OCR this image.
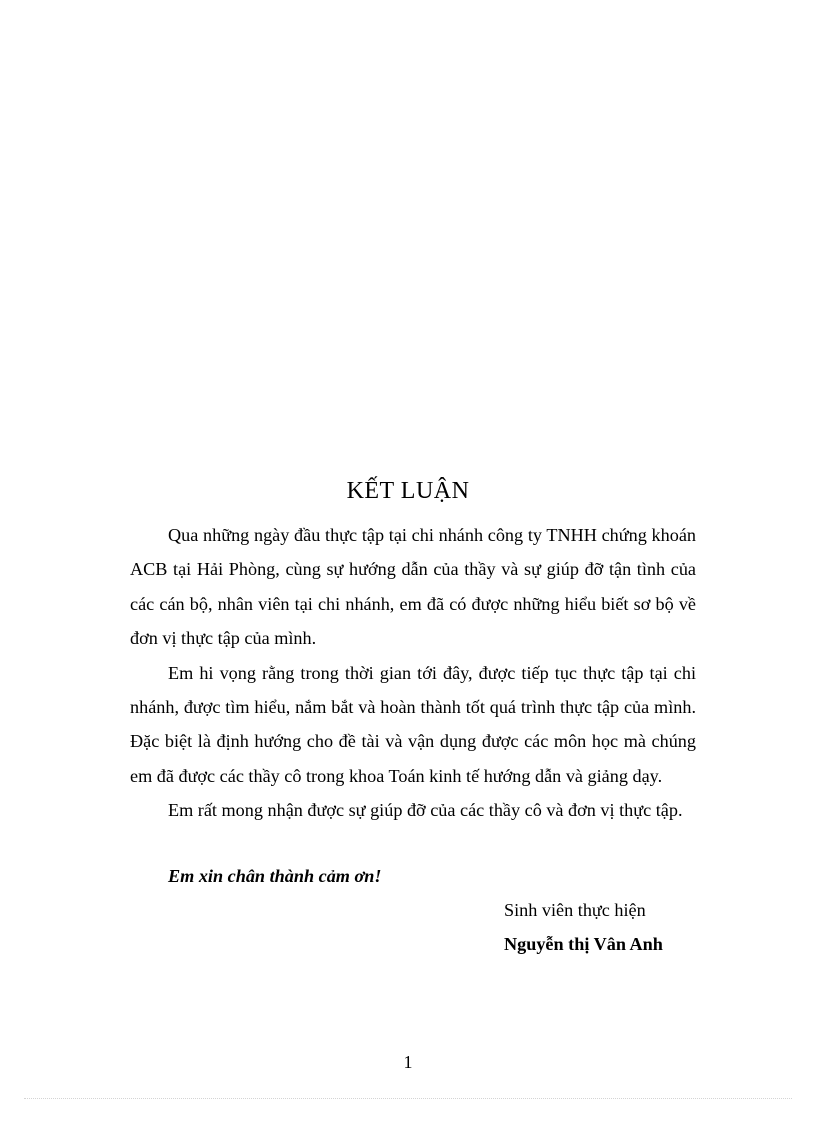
KẾT LUẬN

Qua những ngày đầu thực tập tại chi nhánh công ty TNHH chứng khoán ACB tại Hải Phòng, cùng sự hướng dẫn của thầy và sự giúp đỡ tận tình của các cán bộ, nhân viên tại chi nhánh, em đã có được những hiểu biết sơ bộ về đơn vị thực tập của mình.

Em hi vọng rằng trong thời gian tới đây, được tiếp tục thực tập tại chi nhánh, được tìm hiểu, nắm bắt và hoàn thành tốt quá trình thực tập của mình. Đặc biệt là định hướng cho đề tài và vận dụng được các môn học mà chúng em đã được các thầy cô trong khoa Toán kinh tế hướng dẫn và giảng dạy.

Em rất mong nhận được sự giúp đỡ của các thầy cô và đơn vị thực tập.

Em xin chân thành cảm ơn!

Sinh viên thực hiện

Nguyễn thị Vân Anh

1
